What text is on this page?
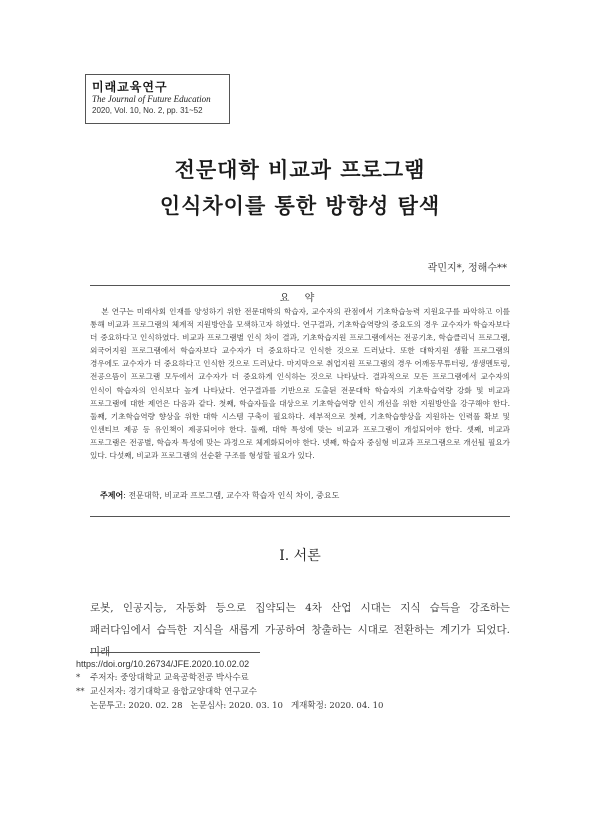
미래교육연구
The Journal of Future Education
2020, Vol. 10, No. 2, pp. 31~52
전문대학 비교과 프로그램
인식차이를 통한 방향성 탐색
곽민지*, 정해수**
요 약

본 연구는 미래사회 인재를 양성하기 위한 전문대학의 학습자, 교수자의 관점에서 기초학습능력 지원요구를 파악하고 이를 통해 비교과 프로그램의 체계적 지원방안을 모색하고자 하였다. 연구결과, 기초학습역량의 중요도의 경우 교수자가 학습자보다 더 중요하다고 인식하였다. 비교과 프로그램별 인식 차이 결과, 기초학습지원 프로그램에서는 전공기초, 학습클리닉 프로그램, 외국어지원 프로그램에서 학습자보다 교수자가 더 중요하다고 인식한 것으로 드러났다. 또한 대학지원 생활 프로그램의 경우에도 교수자가 더 중요하다고 인식한 것으로 드러났다. 마지막으로 취업지원 프로그램의 경우 어깨동무튜터링, 생생멘토링, 전공으뜸이 프로그램 모두에서 교수자가 더 중요하게 인식하는 것으로 나타났다. 결과적으로 모든 프로그램에서 교수자의 인식이 학습자의 인식보다 높게 나타났다. 연구결과를 기반으로 도출된 전문대학 학습자의 기초학습역량 강화 및 비교과 프로그램에 대한 제언은 다음과 같다. 첫째, 학습자들을 대상으로 기초학습역량 인식 개선을 위한 지원방안을 강구해야 한다. 둘째, 기초학습역량 향상을 위한 대학 시스템 구축이 필요하다. 세부적으로 첫째, 기초학습향상을 지원하는 인력풀 확보 및 인센티브 제공 등 유인책이 제공되어야 한다. 둘째, 대학 특성에 맞는 비교과 프로그램이 개설되어야 한다. 셋째, 비교과 프로그램은 전공별, 학습자 특성에 맞는 과정으로 체계화되어야 한다. 넷째, 학습자 중심형 비교과 프로그램으로 개선될 필요가 있다. 다섯째, 비교과 프로그램의 선순환 구조를 형성할 필요가 있다.

주제어: 전문대학, 비교과 프로그램, 교수자 학습자 인식 차이, 중요도
Ⅰ. 서론

로봇, 인공지능, 자동화 등으로 집약되는 4차 산업 시대는 지식 습득을 강조하는 패러다임에서 습득한 지식을 새롭게 가공하여 창출하는 시대로 전환하는 계기가 되었다. 미래

https://doi.org/10.26734/JFE.2020.10.02.02
* 주저자: 중앙대학교 교육공학전공 박사수료
** 교신저자: 경기대학교 융합교양대학 연구교수
논문투고: 2020. 02. 28 논문심사: 2020. 03. 10 게재확정: 2020. 04. 10
